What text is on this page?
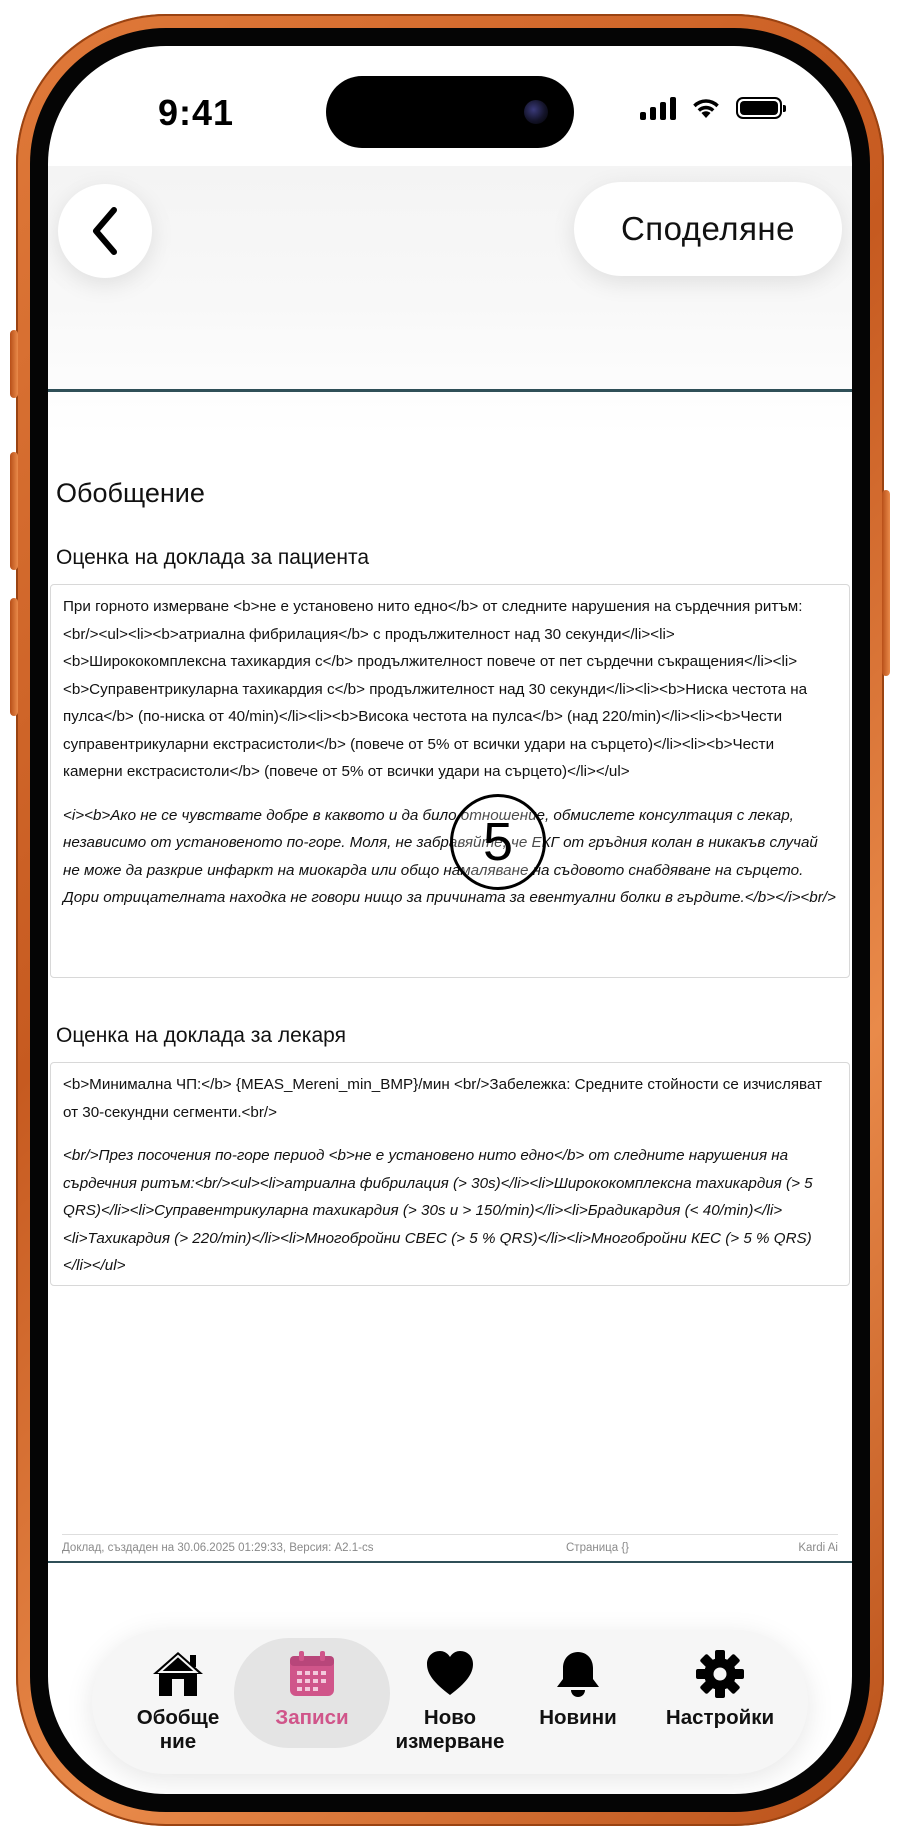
9:41
Споделяне
Обобщение
Оценка на доклада за пациента

При горното измерване <b>не е установено нито едно</b> от следните нарушения на сърдечния ритъм:<br/><ul><li><b>атриална фибрилация</b> с продължителност над 30 секунди</li><li><b>Ширококомплексна тахикардия с</b> продължителност повече от пет сърдечни съкращения</li><li><b>Суправентрикуларна тахикардия с</b> продължителност над 30 секунди</li><li><b>Ниска честота на пулса</b> (по-ниска от 40/min)</li><li><b>Висока честота на пулса</b> (над 220/min)</li><li><b>Чести суправентрикуларни екстрасистоли</b> (повече от 5% от всички удари на сърцето)</li><li><b>Чести камерни екстрасистоли</b> (повече от 5% от всички удари на сърцето)</li></ul>

<i><b>Ако не се чувствате добре в каквото и да било отношение, обмислете консултация с лекар, независимо от установеното по-горе. Моля, не забравяйте, че ЕКГ от гръдния колан в никакъв случай не може да разкрие инфаркт на миокарда или общо намаляване на съдовото снабдяване на сърцето. Дори отрицателната находка не говори нищо за причината за евентуални болки в гърдите.</b></i><br/>

Оценка на доклада за лекаря

<b>Минимална ЧП:</b> {MEAS_Mereni_min_BMP}/мин <br/>Забележка: Средните стойности се изчисляват от 30-секундни сегменти.<br/>

<br/>През посочения по-горе период <b>не е установено нито едно</b> от следните нарушения на сърдечния ритъм:<br/><ul><li>атриална фибрилация (> 30s)</li><li>Ширококомплексна тахикардия (> 5 QRS)</li><li>Суправентрикуларна тахикардия (> 30s и > 150/min)</li><li>Брадикардия (< 40/min)</li><li>Тахикардия (> 220/min)</li><li>Многобройни СВЕС (> 5 % QRS)</li><li>Многобройни КЕС (> 5 % QRS)</li></ul>

5
Доклад, създаден на 30.06.2025 01:29:33, Версия: A2.1-cs	Страница {}	Kardi Ai
Обобще
ние
Записи	Ново
измерване
Новини Настройки
